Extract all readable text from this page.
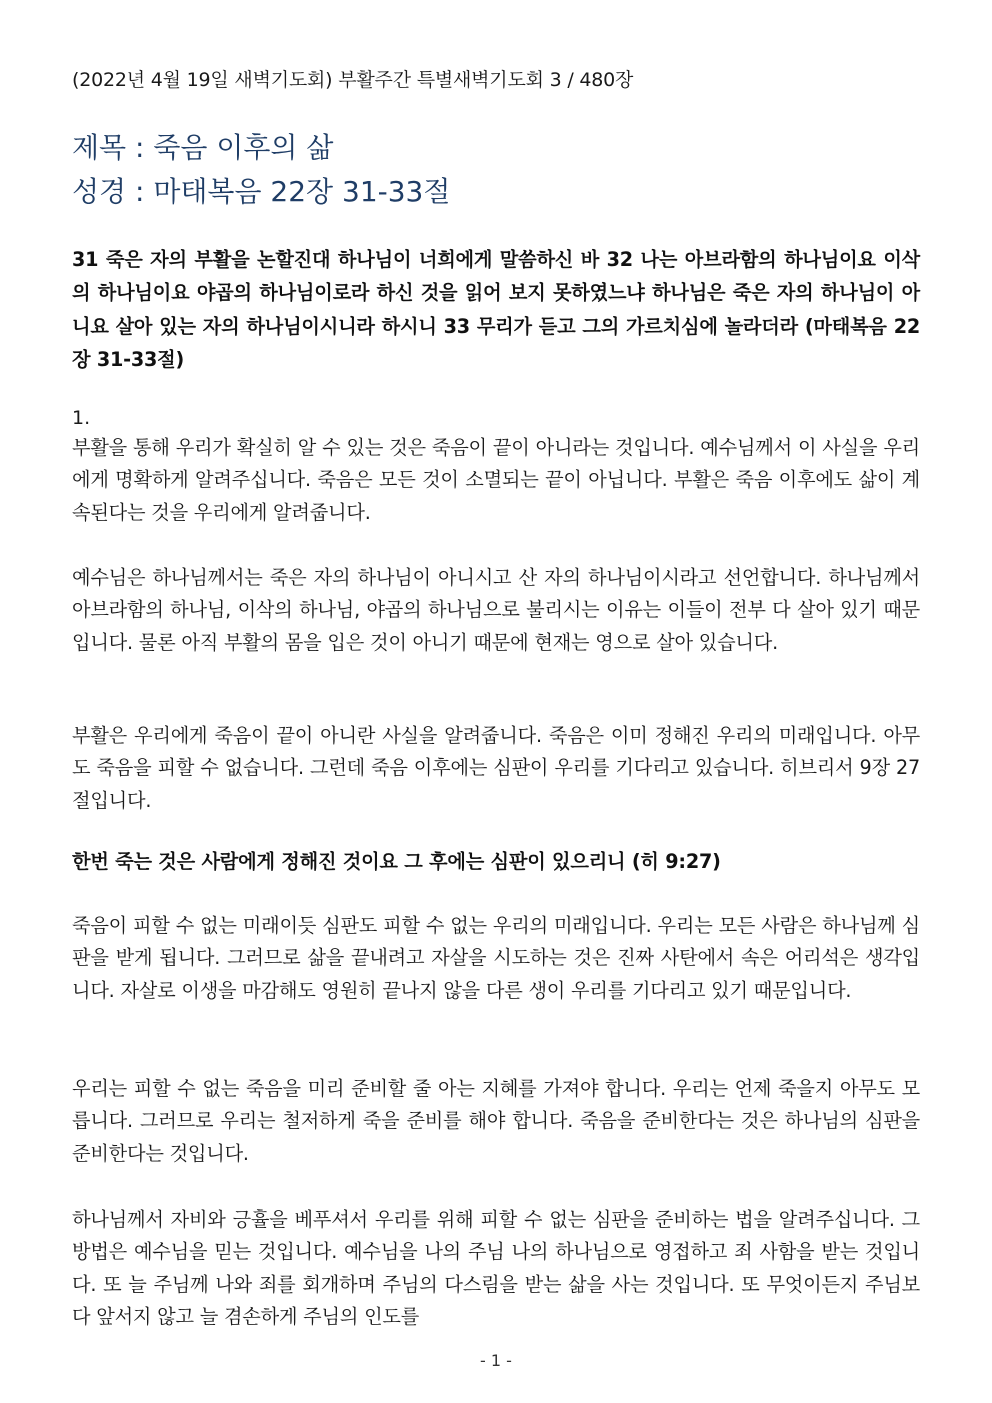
(2022년 4월 19일 새벽기도회) 부활주간 특별새벽기도회 3 / 480장
제목 : 죽음 이후의 삶
성경 : 마태복음 22장 31-33절
31 죽은 자의 부활을 논할진대 하나님이 너희에게 말씀하신 바 32 나는 아브라함의 하나님이요 이삭의 하나님이요 야곱의 하나님이로라 하신 것을 읽어 보지 못하였느냐 하나님은 죽은 자의 하나님이 아니요 살아 있는 자의 하나님이시니라 하시니 33 무리가 듣고 그의 가르치심에 놀라더라 (마태복음 22장 31-33절)
1.
부활을 통해 우리가 확실히 알 수 있는 것은 죽음이 끝이 아니라는 것입니다. 예수님께서 이 사실을 우리에게 명확하게 알려주십니다. 죽음은 모든 것이 소멸되는 끝이 아닙니다. 부활은 죽음 이후에도 삶이 계속된다는 것을 우리에게 알려줍니다.
예수님은 하나님께서는 죽은 자의 하나님이 아니시고 산 자의 하나님이시라고 선언합니다. 하나님께서 아브라함의 하나님, 이삭의 하나님, 야곱의 하나님으로 불리시는 이유는 이들이 전부 다 살아 있기 때문입니다. 물론 아직 부활의 몸을 입은 것이 아니기 때문에 현재는 영으로 살아 있습니다.
부활은 우리에게 죽음이 끝이 아니란 사실을 알려줍니다. 죽음은 이미 정해진 우리의 미래입니다. 아무도 죽음을 피할 수 없습니다. 그런데 죽음 이후에는 심판이 우리를 기다리고 있습니다. 히브리서 9장 27절입니다.
한번 죽는 것은 사람에게 정해진 것이요 그 후에는 심판이 있으리니 (히 9:27)
죽음이 피할 수 없는 미래이듯 심판도 피할 수 없는 우리의 미래입니다. 우리는 모든 사람은 하나님께 심판을 받게 됩니다. 그러므로 삶을 끝내려고 자살을 시도하는 것은 진짜 사탄에서 속은 어리석은 생각입니다. 자살로 이생을 마감해도 영원히 끝나지 않을 다른 생이 우리를 기다리고 있기 때문입니다.
우리는 피할 수 없는 죽음을 미리 준비할 줄 아는 지혜를 가져야 합니다. 우리는 언제 죽을지 아무도 모릅니다. 그러므로 우리는 철저하게 죽을 준비를 해야 합니다. 죽음을 준비한다는 것은 하나님의 심판을 준비한다는 것입니다.
하나님께서 자비와 긍휼을 베푸셔서 우리를 위해 피할 수 없는 심판을 준비하는 법을 알려주십니다. 그 방법은 예수님을 믿는 것입니다. 예수님을 나의 주님 나의 하나님으로 영접하고 죄 사함을 받는 것입니다. 또 늘 주님께 나와 죄를 회개하며 주님의 다스림을 받는 삶을 사는 것입니다. 또 무엇이든지 주님보다 앞서지 않고 늘 겸손하게 주님의 인도를
- 1 -
